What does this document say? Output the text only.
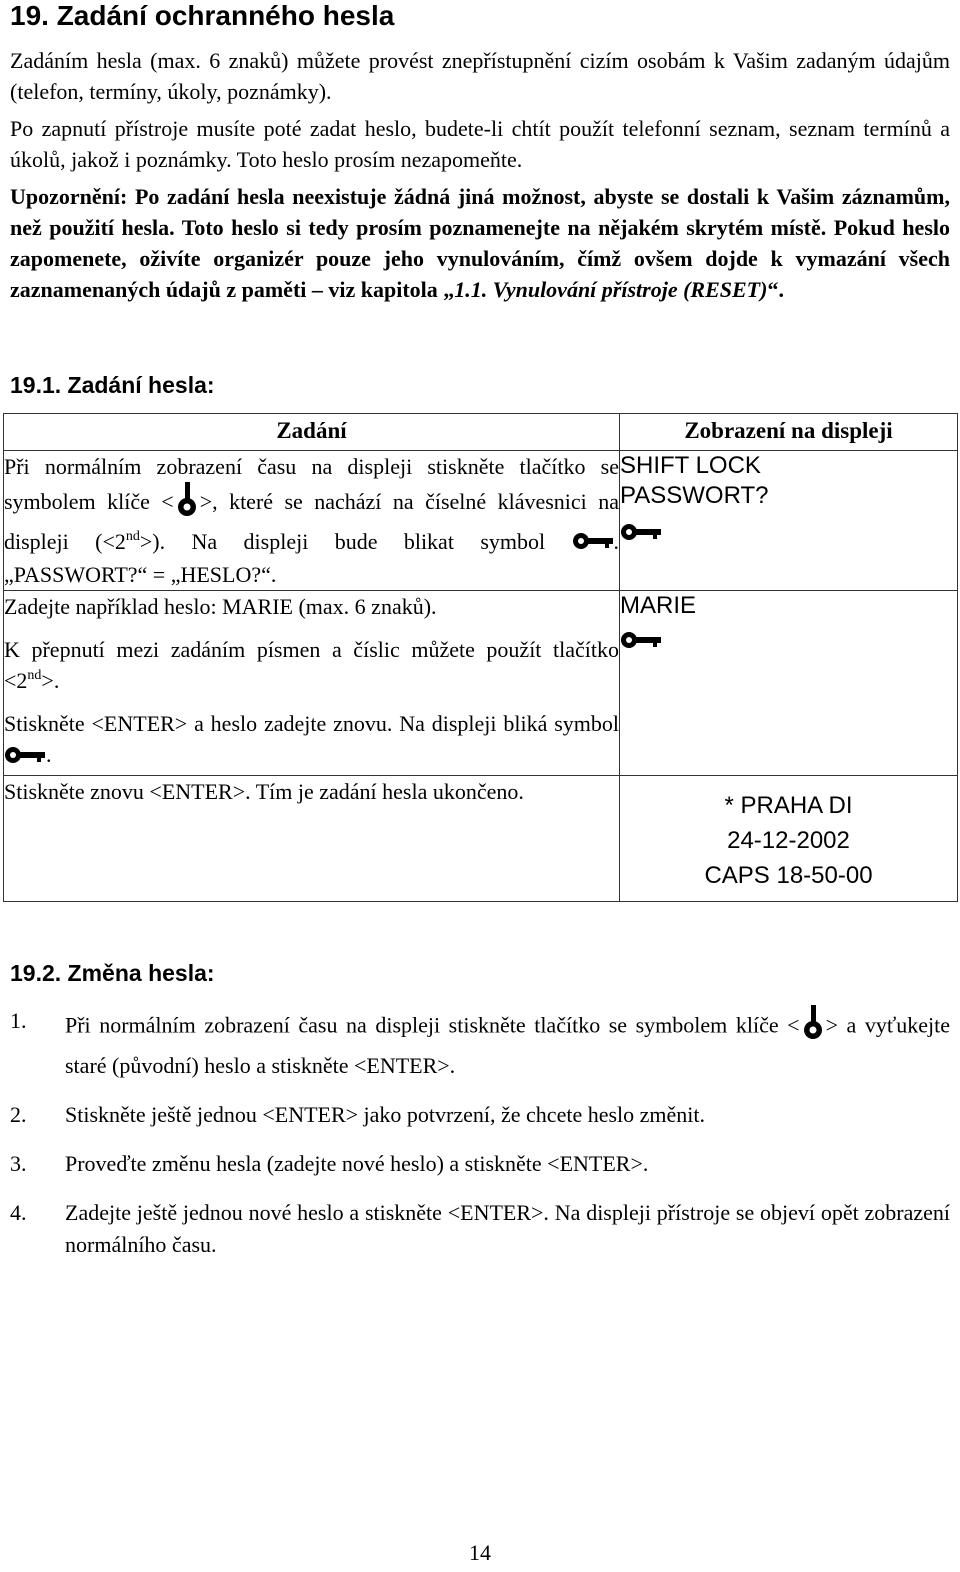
19. Zadání ochranného hesla

Zadáním hesla (max. 6 znaků) můžete provést znepřístupnění cizím osobám k Vašim zadaným údajům (telefon, termíny, úkoly, poznámky).

Po zapnutí přístroje musíte poté zadat heslo, budete-li chtít použít telefonní seznam, seznam termínů a úkolů, jakož i poznámky. Toto heslo prosím nezapomeňte.

Upozornění: Po zadání hesla neexistuje žádná jiná možnost, abyste se dostali k Vašim záznamům, než použití hesla. Toto heslo si tedy prosím poznamenejte na nějakém skrytém místě. Pokud heslo zapomenete, oživíte organizér pouze jeho vynulováním, čímž ovšem dojde k vymazání všech zaznamenaných údajů z paměti – viz kapitola „1.1. Vynulování přístroje (RESET)“.

19.1. Zadání hesla:
Zadání	Zobrazení na displeji
Při normálním zobrazení času na displeji stiskněte tlačítko se symbolem klíče < >, které se nachází na číselné klávesnici na displeji (<2nd>). Na displeji bude blikat symbol . „PASSWORT?“ = „HESLO?“.	SHIFT LOCK
PASSWORT?

Zadejte například heslo: MARIE (max. 6 znaků).
K přepnutí mezi zadáním písmen a číslic můžete použít tlačítko <2nd>.
Stiskněte <ENTER> a heslo zadejte znovu. Na displeji bliká symbol .	MARIE

Stiskněte znovu <ENTER>. Tím je zadání hesla ukončeno.	* PRAHA DI
24-12-2002
CAPS 18-50-00
19.2. Změna hesla:
1. Při normálním zobrazení času na displeji stiskněte tlačítko se symbolem klíče < > a vyťukejte staré (původní) heslo a stiskněte <ENTER>.
2. Stiskněte ještě jednou <ENTER> jako potvrzení, že chcete heslo změnit.
3. Proveďte změnu hesla (zadejte nové heslo) a stiskněte <ENTER>.
4. Zadejte ještě jednou nové heslo a stiskněte <ENTER>. Na displeji přístroje se objeví opět zobrazení normálního času.
14
